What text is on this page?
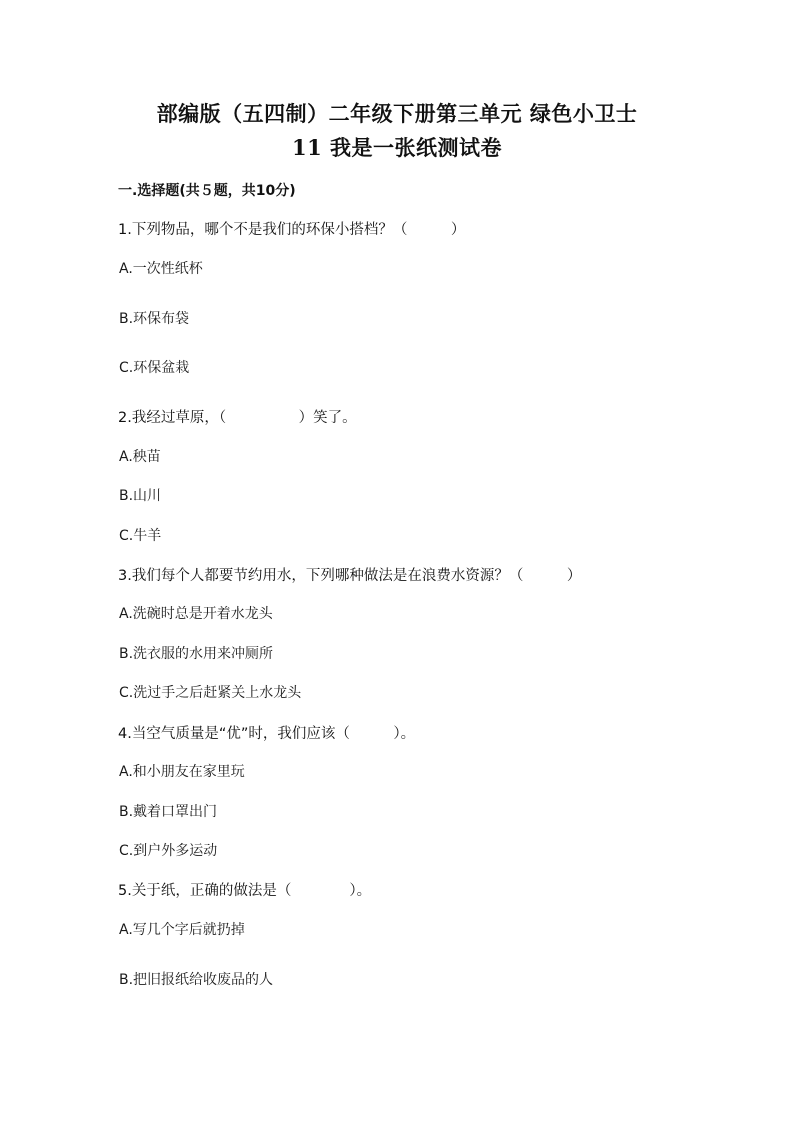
部编版（五四制）二年级下册第三单元 绿色小卫士
11 我是一张纸测试卷
一.选择题(共５题，共10分)
1.下列物品，哪个不是我们的环保小搭档？（　　　）
A.一次性纸杯
B.环保布袋
C.环保盆栽
2.我经过草原，（　　　　　）笑了。
A.秧苗
B.山川
C.牛羊
3.我们每个人都要节约用水，下列哪种做法是在浪费水资源？（　　　）
A.洗碗时总是开着水龙头
B.洗衣服的水用来冲厕所
C.洗过手之后赶紧关上水龙头
4.当空气质量是“优”时，我们应该（　　　）。
A.和小朋友在家里玩
B.戴着口罩出门
C.到户外多运动
5.关于纸，正确的做法是（　　　　）。
A.写几个字后就扔掉
B.把旧报纸给收废品的人
